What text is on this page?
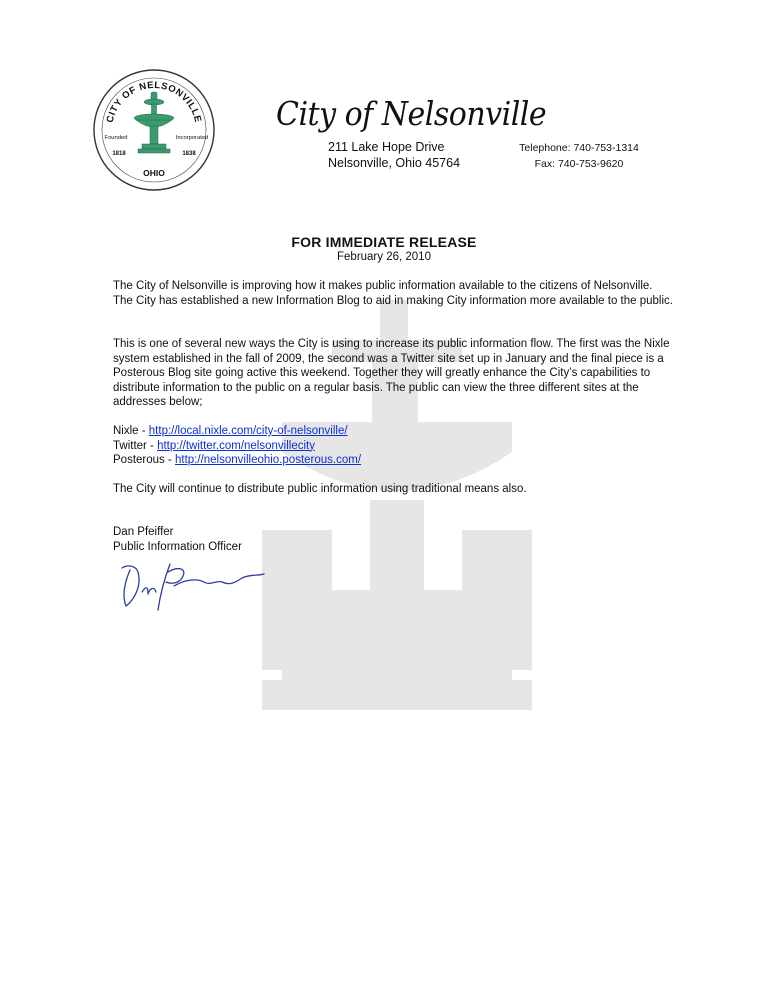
CITY OF NELSONVILLE
Founded	Incorporated
1818	1838
OHIO
City of Nelsonville
211 Lake Hope Drive
Nelsonville, Ohio 45764
Telephone: 740-753-1314
Fax: 740-753-9620
FOR IMMEDIATE RELEASE
February 26, 2010

The City of Nelsonville is improving how it makes public information available to the citizens of Nelsonville. The City has established a new Information Blog to aid in making City information more available to the public.

This is one of several new ways the City is using to increase its public information flow. The first was the Nixle system established in the fall of 2009, the second was a Twitter site set up in January and the final piece is a Posterous Blog site going active this weekend. Together they will greatly enhance the City’s capabilities to distribute information to the public on a regular basis. The public can view the three different sites at the addresses below;

Nixle - http://local.nixle.com/city-of-nelsonville/
Twitter - http://twitter.com/nelsonvillecity
Posterous - http://nelsonvilleohio.posterous.com/

The City will continue to distribute public information using traditional means also.

Dan Pfeiffer
Public Information Officer
